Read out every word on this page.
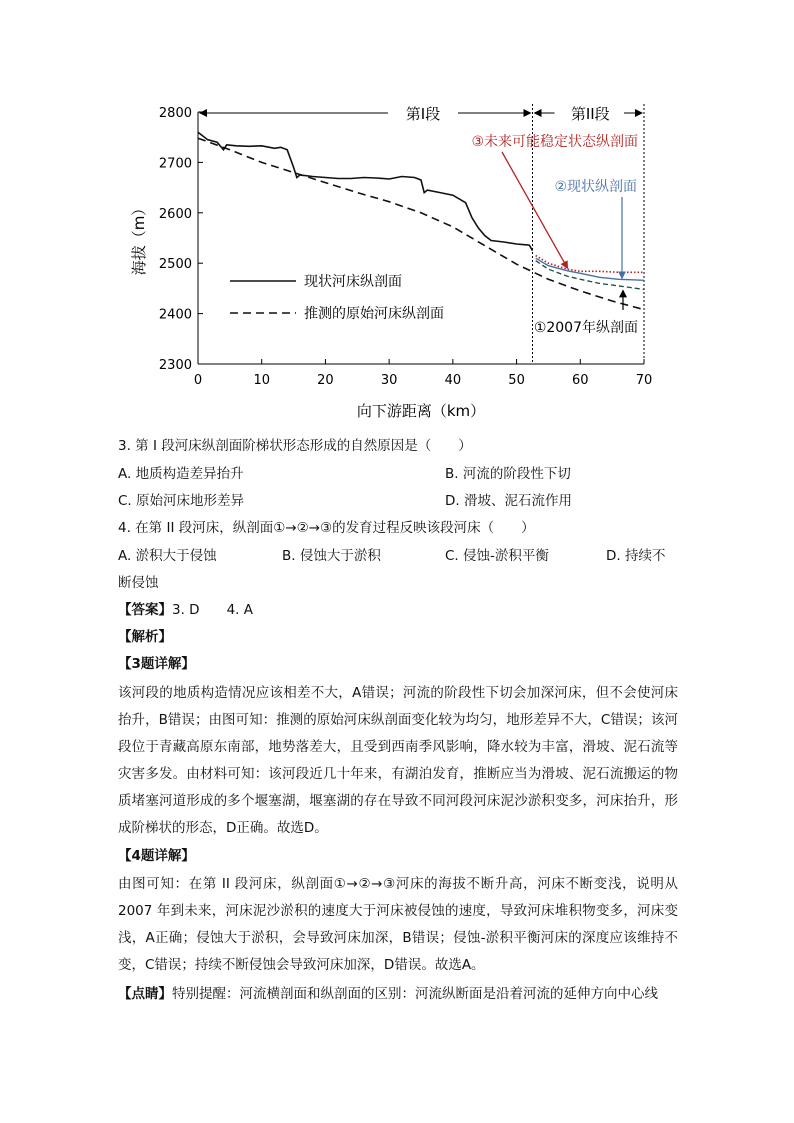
0	10	20	30	40	50	60	70
2300
2400
2500
2600
2700
2800
向下游距离（km）
海拔（m）
第I段	第II段
现状河床纵剖面
推测的原始河床纵剖面
③未来可能稳定状态纵剖面
②现状纵剖面
①2007年纵剖面
3. 第 I 段河床纵剖面阶梯状形态形成的自然原因是（　　）
A. 地质构造差异抬升	B. 河流的阶段性下切
C. 原始河床地形差异	D. 滑坡、泥石流作用
4. 在第 II 段河床，纵剖面①→②→③的发育过程反映该段河床（　　）
A. 淤积大于侵蚀	B. 侵蚀大于淤积	C. 侵蚀-淤积平衡	D. 持续不
断侵蚀
【答案】3. D　　4. A
【解析】
【3题详解】
该河段的地质构造情况应该相差不大，A错误；河流的阶段性下切会加深河床，但不会使河床抬升，B错误；由图可知：推测的原始河床纵剖面变化较为均匀，地形差异不大，C错误；该河段位于青藏高原东南部，地势落差大，且受到西南季风影响，降水较为丰富，滑坡、泥石流等灾害多发。由材料可知：该河段近几十年来，有湖泊发育，推断应当为滑坡、泥石流搬运的物质堵塞河道形成的多个堰塞湖，堰塞湖的存在导致不同河段河床泥沙淤积变多，河床抬升，形成阶梯状的形态，D正确。故选D。
【4题详解】
由图可知：在第 II 段河床，纵剖面①→②→③河床的海拔不断升高，河床不断变浅，说明从 2007 年到未来，河床泥沙淤积的速度大于河床被侵蚀的速度，导致河床堆积物变多，河床变浅，A正确；侵蚀大于淤积，会导致河床加深，B错误；侵蚀-淤积平衡河床的深度应该维持不变，C错误；持续不断侵蚀会导致河床加深，D错误。故选A。
【点睛】特别提醒：河流横剖面和纵剖面的区别：河流纵断面是沿着河流的延伸方向中心线
